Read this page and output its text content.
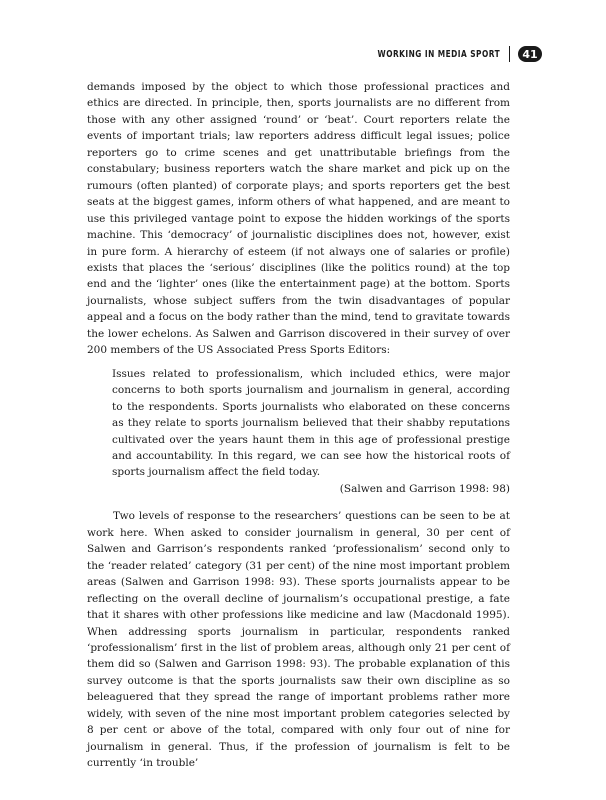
WORKING IN MEDIA SPORT	41

demands imposed by the object to which those professional practices and ethics are directed. In principle, then, sports journalists are no different from those with any other assigned ‘round’ or ‘beat’. Court reporters relate the events of important trials; law reporters address difficult legal issues; police reporters go to crime scenes and get unattributable briefings from the constabulary; business reporters watch the share market and pick up on the rumours (often planted) of corporate plays; and sports reporters get the best seats at the biggest games, inform others of what happened, and are meant to use this privileged vantage point to expose the hidden workings of the sports machine. This ‘democracy’ of journalistic disciplines does not, however, exist in pure form. A hierarchy of esteem (if not always one of salaries or profile) exists that places the ‘serious’ disciplines (like the politics round) at the top end and the ‘lighter’ ones (like the entertainment page) at the bottom. Sports journalists, whose subject suffers from the twin disadvantages of popular appeal and a focus on the body rather than the mind, tend to gravitate towards the lower echelons. As Salwen and Garrison discovered in their survey of over 200 members of the US Associated Press Sports Editors:

Issues related to professionalism, which included ethics, were major concerns to both sports journalism and journalism in general, according to the respondents. Sports journalists who elaborated on these concerns as they relate to sports journalism believed that their shabby reputations cultivated over the years haunt them in this age of professional prestige and accountability. In this regard, we can see how the historical roots of sports journalism affect the field today.

(Salwen and Garrison 1998: 98)

Two levels of response to the researchers’ questions can be seen to be at work here. When asked to consider journalism in general, 30 per cent of Salwen and Garrison’s respondents ranked ‘professionalism’ second only to the ‘reader related’ category (31 per cent) of the nine most important problem areas (Salwen and Garrison 1998: 93). These sports journalists appear to be reflecting on the overall decline of journalism’s occupational prestige, a fate that it shares with other professions like medicine and law (Macdonald 1995). When addressing sports journalism in particular, respondents ranked ‘professionalism’ first in the list of problem areas, although only 21 per cent of them did so (Salwen and Garrison 1998: 93). The probable explanation of this survey outcome is that the sports journalists saw their own discipline as so beleaguered that they spread the range of important problems rather more widely, with seven of the nine most important problem categories selected by 8 per cent or above of the total, compared with only four out of nine for journalism in general. Thus, if the profession of journalism is felt to be currently ‘in trouble’
